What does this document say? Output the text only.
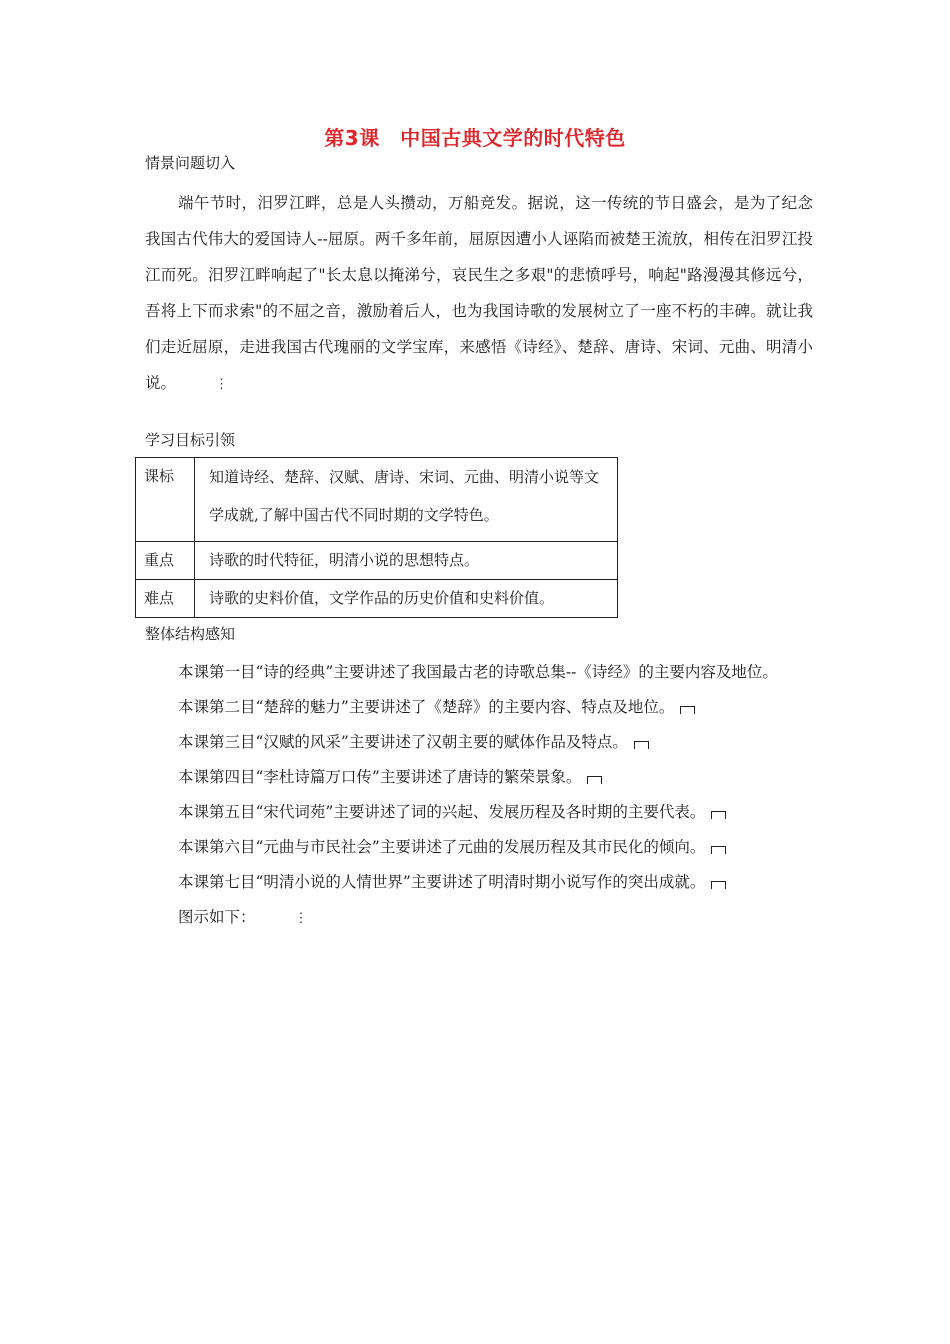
第3课　中国古典文学的时代特色
情景问题切入

端午节时，汨罗江畔，总是人头攒动，万船竞发。据说，这一传统的节日盛会，是为了纪念我国古代伟大的爱国诗人--屈原。两千多年前，屈原因遭小人诬陷而被楚王流放，相传在汨罗江投江而死。汨罗江畔响起了"长太息以掩涕兮，哀民生之多艰"的悲愤呼号，响起"路漫漫其修远兮，吾将上下而求索"的不屈之音，激励着后人，也为我国诗歌的发展树立了一座不朽的丰碑。就让我们走近屈原，走进我国古代瑰丽的文学宝库，来感悟《诗经》、楚辞、唐诗、宋词、元曲、明清小说。	⋮

学习目标引领
课标	知道诗经、楚辞、汉赋、唐诗、宋词、元曲、明清小说等文学成就,了解中国古代不同时期的文学特色。
重点	诗歌的时代特征，明清小说的思想特点。
难点	诗歌的史料价值，文学作品的历史价值和史料价值。
整体结构感知

本课第一目“诗的经典”主要讲述了我国最古老的诗歌总集--《诗经》的主要内容及地位。

本课第二目“楚辞的魅力”主要讲述了《楚辞》的主要内容、特点及地位。

本课第三目“汉赋的风采”主要讲述了汉朝主要的赋体作品及特点。

本课第四目“李杜诗篇万口传”主要讲述了唐诗的繁荣景象。

本课第五目“宋代词苑”主要讲述了词的兴起、发展历程及各时期的主要代表。

本课第六目“元曲与市民社会”主要讲述了元曲的发展历程及其市民化的倾向。

本课第七目“明清小说的人情世界”主要讲述了明清时期小说写作的突出成就。

图示如下：	⋮
